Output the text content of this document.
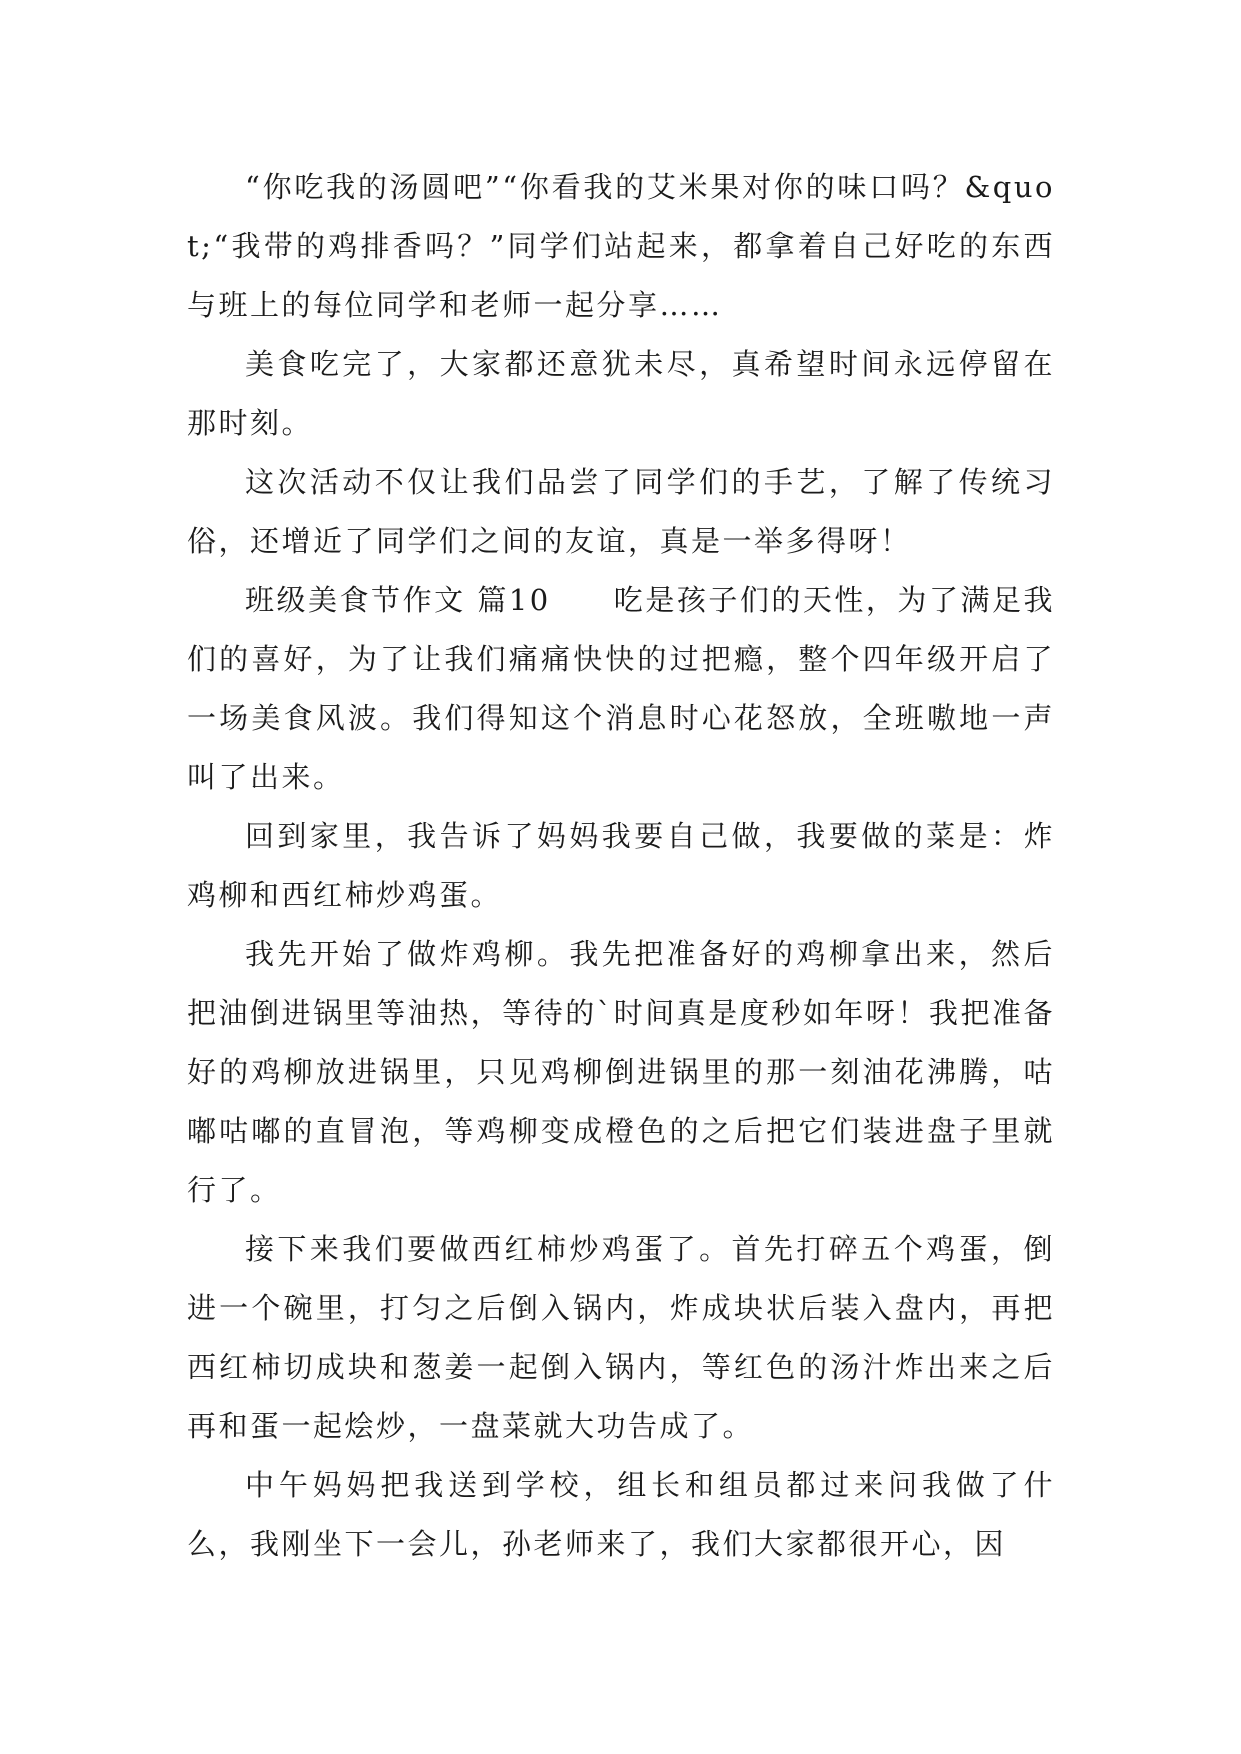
“你吃我的汤圆吧”“你看我的艾米果对你的味口吗？&quot;“我带的鸡排香吗？”同学们站起来，都拿着自己好吃的东西与班上的每位同学和老师一起分享……

美食吃完了，大家都还意犹未尽，真希望时间永远停留在那时刻。

这次活动不仅让我们品尝了同学们的手艺，了解了传统习俗，还增近了同学们之间的友谊，真是一举多得呀！

班级美食节作文 篇10　　吃是孩子们的天性，为了满足我们的喜好，为了让我们痛痛快快的过把瘾，整个四年级开启了一场美食风波。我们得知这个消息时心花怒放，全班嗷地一声叫了出来。

回到家里，我告诉了妈妈我要自己做，我要做的菜是：炸鸡柳和西红柿炒鸡蛋。

我先开始了做炸鸡柳。我先把准备好的鸡柳拿出来，然后把油倒进锅里等油热，等待的`时间真是度秒如年呀！我把准备好的鸡柳放进锅里，只见鸡柳倒进锅里的那一刻油花沸腾，咕嘟咕嘟的直冒泡，等鸡柳变成橙色的之后把它们装进盘子里就行了。

接下来我们要做西红柿炒鸡蛋了。首先打碎五个鸡蛋，倒进一个碗里，打匀之后倒入锅内，炸成块状后装入盘内，再把西红柿切成块和葱姜一起倒入锅内，等红色的汤汁炸出来之后再和蛋一起烩炒，一盘菜就大功告成了。

中午妈妈把我送到学校，组长和组员都过来问我做了什么，我刚坐下一会儿，孙老师来了，我们大家都很开心，因
